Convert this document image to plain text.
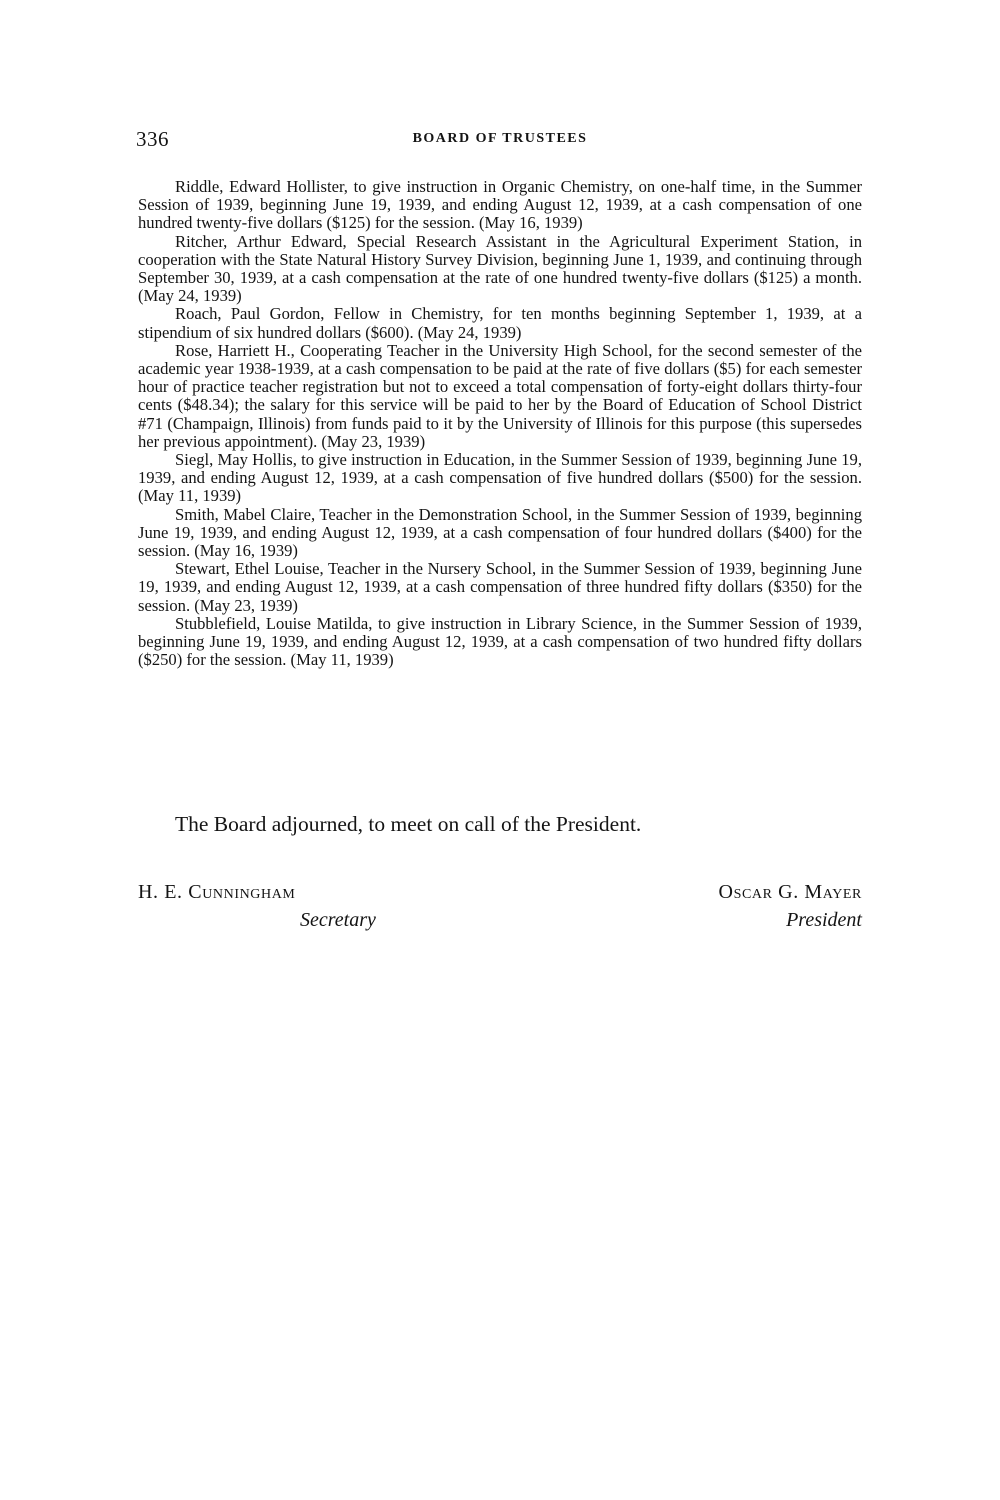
336	BOARD OF TRUSTEES

Riddle, Edward Hollister, to give instruction in Organic Chemistry, on one-half time, in the Summer Session of 1939, beginning June 19, 1939, and ending August 12, 1939, at a cash compensation of one hundred twenty-five dollars ($125) for the session. (May 16, 1939)

Ritcher, Arthur Edward, Special Research Assistant in the Agricultural Experiment Station, in cooperation with the State Natural History Survey Division, beginning June 1, 1939, and continuing through September 30, 1939, at a cash compensation at the rate of one hundred twenty-five dollars ($125) a month. (May 24, 1939)

Roach, Paul Gordon, Fellow in Chemistry, for ten months beginning September 1, 1939, at a stipendium of six hundred dollars ($600). (May 24, 1939)

Rose, Harriett H., Cooperating Teacher in the University High School, for the second semester of the academic year 1938-1939, at a cash compensation to be paid at the rate of five dollars ($5) for each semester hour of practice teacher registration but not to exceed a total compensation of forty-eight dollars thirty-four cents ($48.34); the salary for this service will be paid to her by the Board of Education of School District #71 (Champaign, Illinois) from funds paid to it by the University of Illinois for this purpose (this supersedes her previous appointment). (May 23, 1939)

Siegl, May Hollis, to give instruction in Education, in the Summer Session of 1939, beginning June 19, 1939, and ending August 12, 1939, at a cash compensation of five hundred dollars ($500) for the session. (May 11, 1939)

Smith, Mabel Claire, Teacher in the Demonstration School, in the Summer Session of 1939, beginning June 19, 1939, and ending August 12, 1939, at a cash compensation of four hundred dollars ($400) for the session. (May 16, 1939)

Stewart, Ethel Louise, Teacher in the Nursery School, in the Summer Session of 1939, beginning June 19, 1939, and ending August 12, 1939, at a cash compensation of three hundred fifty dollars ($350) for the session. (May 23, 1939)

Stubblefield, Louise Matilda, to give instruction in Library Science, in the Summer Session of 1939, beginning June 19, 1939, and ending August 12, 1939, at a cash compensation of two hundred fifty dollars ($250) for the session. (May 11, 1939)

The Board adjourned, to meet on call of the President.
H. E. Cunningham
Secretary
Oscar G. Mayer
President
